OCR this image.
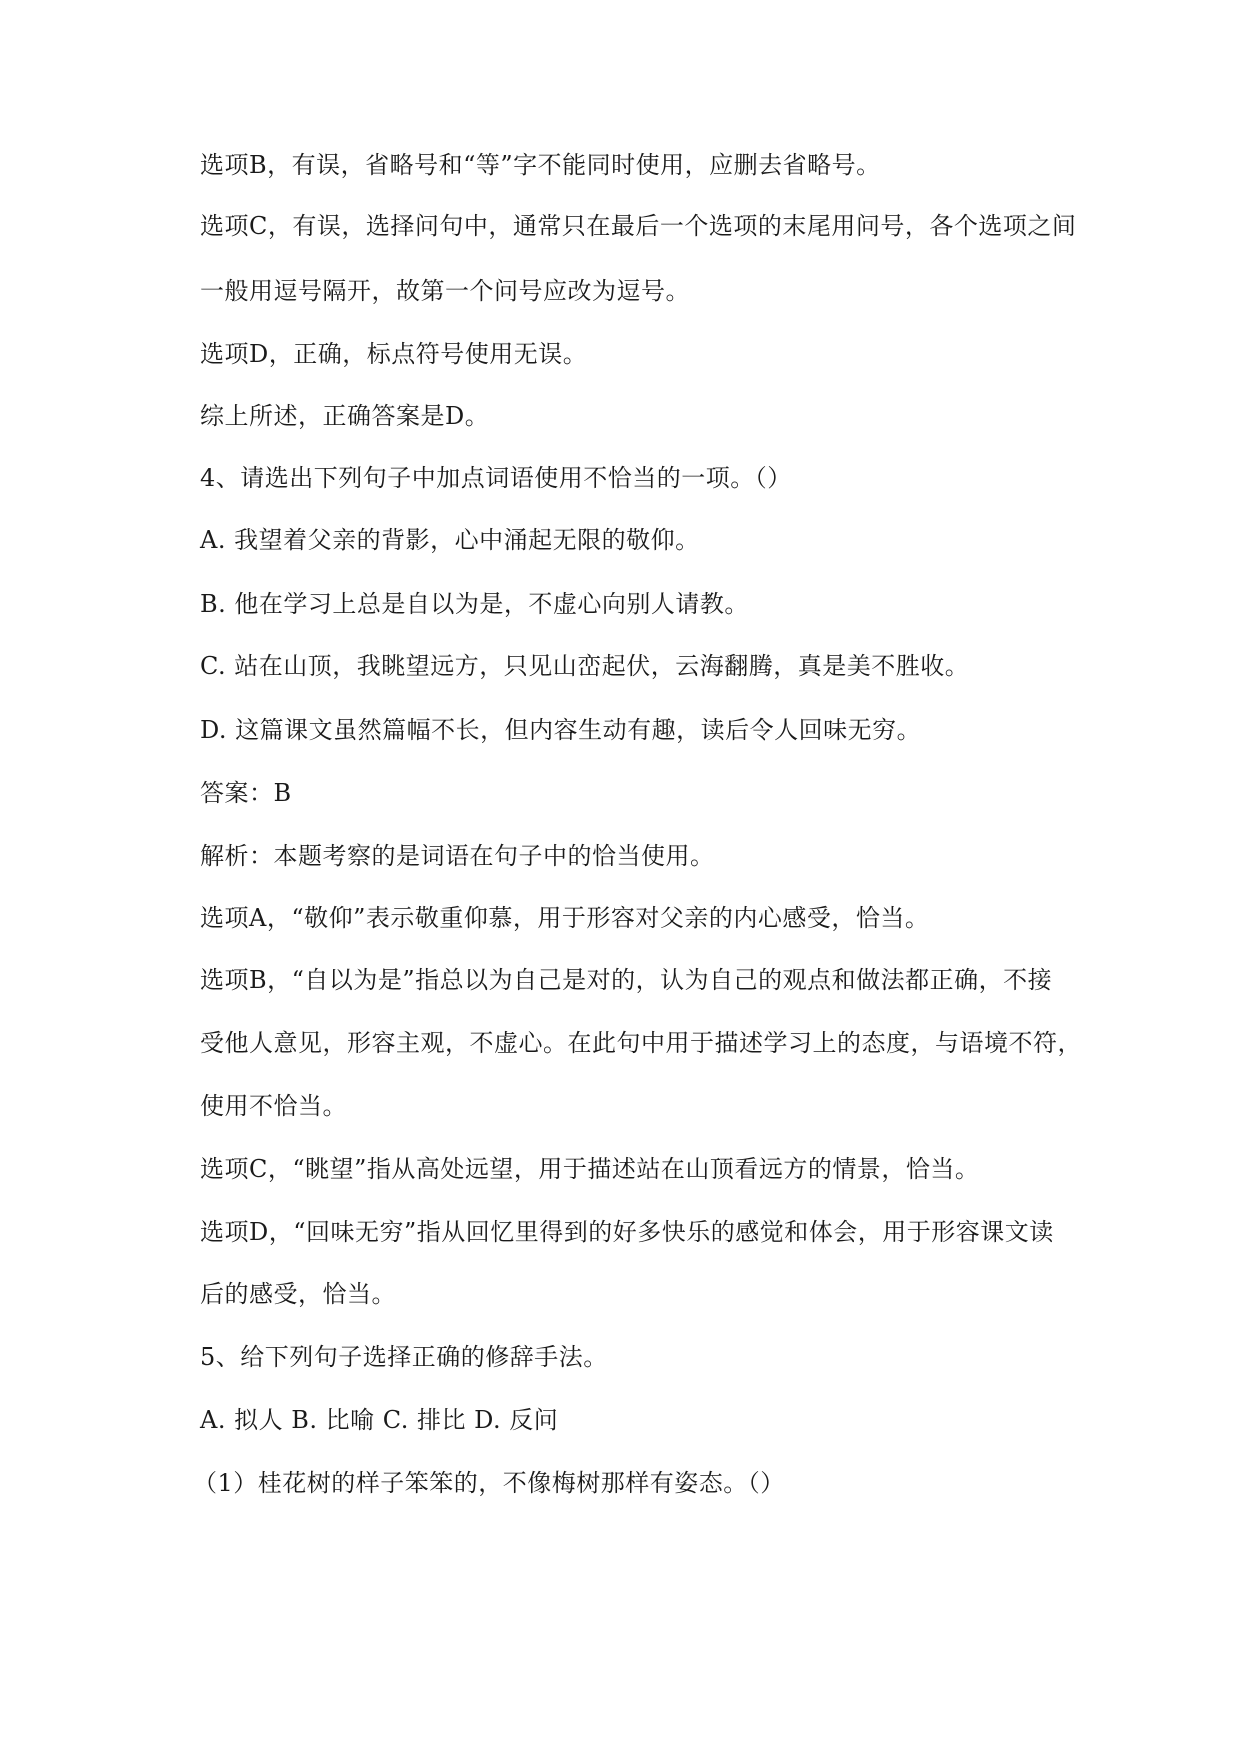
选项B，有误，省略号和“等”字不能同时使用，应删去省略号。
选项C，有误，选择问句中，通常只在最后一个选项的末尾用问号，各个选项之间
一般用逗号隔开，故第一个问号应改为逗号。
选项D，正确，标点符号使用无误。
综上所述，正确答案是D。
4、请选出下列句子中加点词语使用不恰当的一项。（）
A. 我望着父亲的背影，心中涌起无限的敬仰。
B. 他在学习上总是自以为是，不虚心向别人请教。
C. 站在山顶，我眺望远方，只见山峦起伏，云海翻腾，真是美不胜收。
D. 这篇课文虽然篇幅不长，但内容生动有趣，读后令人回味无穷。
答案：B
解析：本题考察的是词语在句子中的恰当使用。
选项A，“敬仰”表示敬重仰慕，用于形容对父亲的内心感受，恰当。
选项B，“自以为是”指总以为自己是对的，认为自己的观点和做法都正确，不接
受他人意见，形容主观，不虚心。在此句中用于描述学习上的态度，与语境不符，
使用不恰当。
选项C，“眺望”指从高处远望，用于描述站在山顶看远方的情景，恰当。
选项D，“回味无穷”指从回忆里得到的好多快乐的感觉和体会，用于形容课文读
后的感受，恰当。
5、给下列句子选择正确的修辞手法。
A. 拟人 B. 比喻 C. 排比 D. 反问
（1）桂花树的样子笨笨的，不像梅树那样有姿态。（）
